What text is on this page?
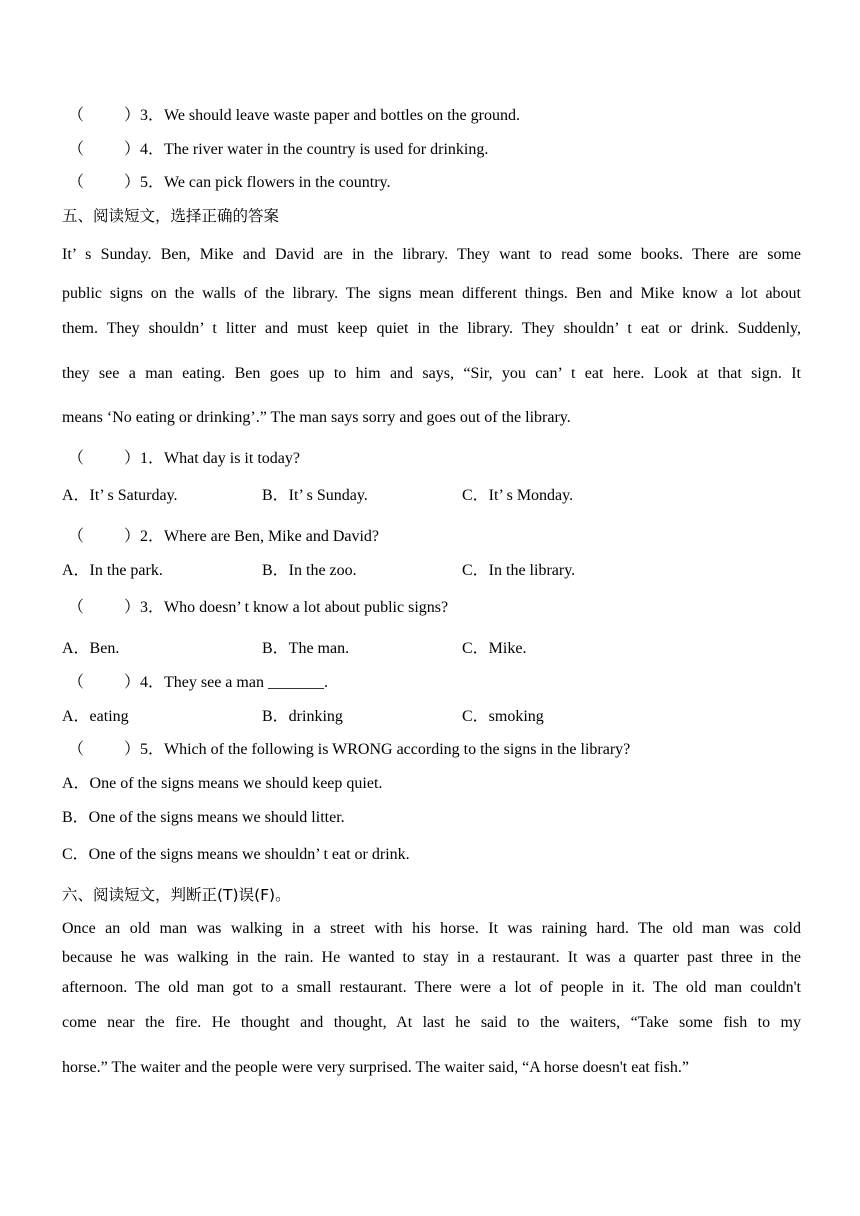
（          ）3．We should leave waste paper and bottles on the ground.
（          ）4．The river water in the country is used for drinking.
（          ）5．We can pick flowers in the country.
五、阅读短文，选择正确的答案
It’ s Sunday. Ben, Mike and David are in the library. They want to read some books. There are some
public signs on the walls of the library. The signs mean different things. Ben and Mike know a lot about
them. They shouldn’ t litter and must keep quiet in the library. They shouldn’ t eat or drink. Suddenly,
they see a man eating. Ben goes up to him and says, “Sir, you can’ t eat here. Look at that sign. It
means ‘No eating or drinking’.” The man says sorry and goes out of the library.
（          ）1．What day is it today?
A．It’ s Saturday.	B．It’ s Sunday.	C．It’ s Monday.
（          ）2．Where are Ben, Mike and David?
A．In the park.	B．In the zoo.	C．In the library.
（          ）3．Who doesn’ t know a lot about public signs?
A．Ben.	B．The man.	C．Mike.
（          ）4．They see a man _______.
A．eating	B．drinking	C．smoking
（          ）5．Which of the following is WRONG according to the signs in the library?
A．One of the signs means we should keep quiet.
B．One of the signs means we should litter.
C．One of the signs means we shouldn’ t eat or drink.
六、阅读短文，判断正(T)误(F)。
Once an old man was walking in a street with his horse. It was raining hard. The old man was cold
because he was walking in the rain. He wanted to stay in a restaurant. It was a quarter past three in the
afternoon. The old man got to a small restaurant. There were a lot of people in it. The old man couldn't
come near the fire. He thought and thought, At last he said to the waiters, “Take some fish to my
horse.” The waiter and the people were very surprised. The waiter said, “A horse doesn't eat fish.”
